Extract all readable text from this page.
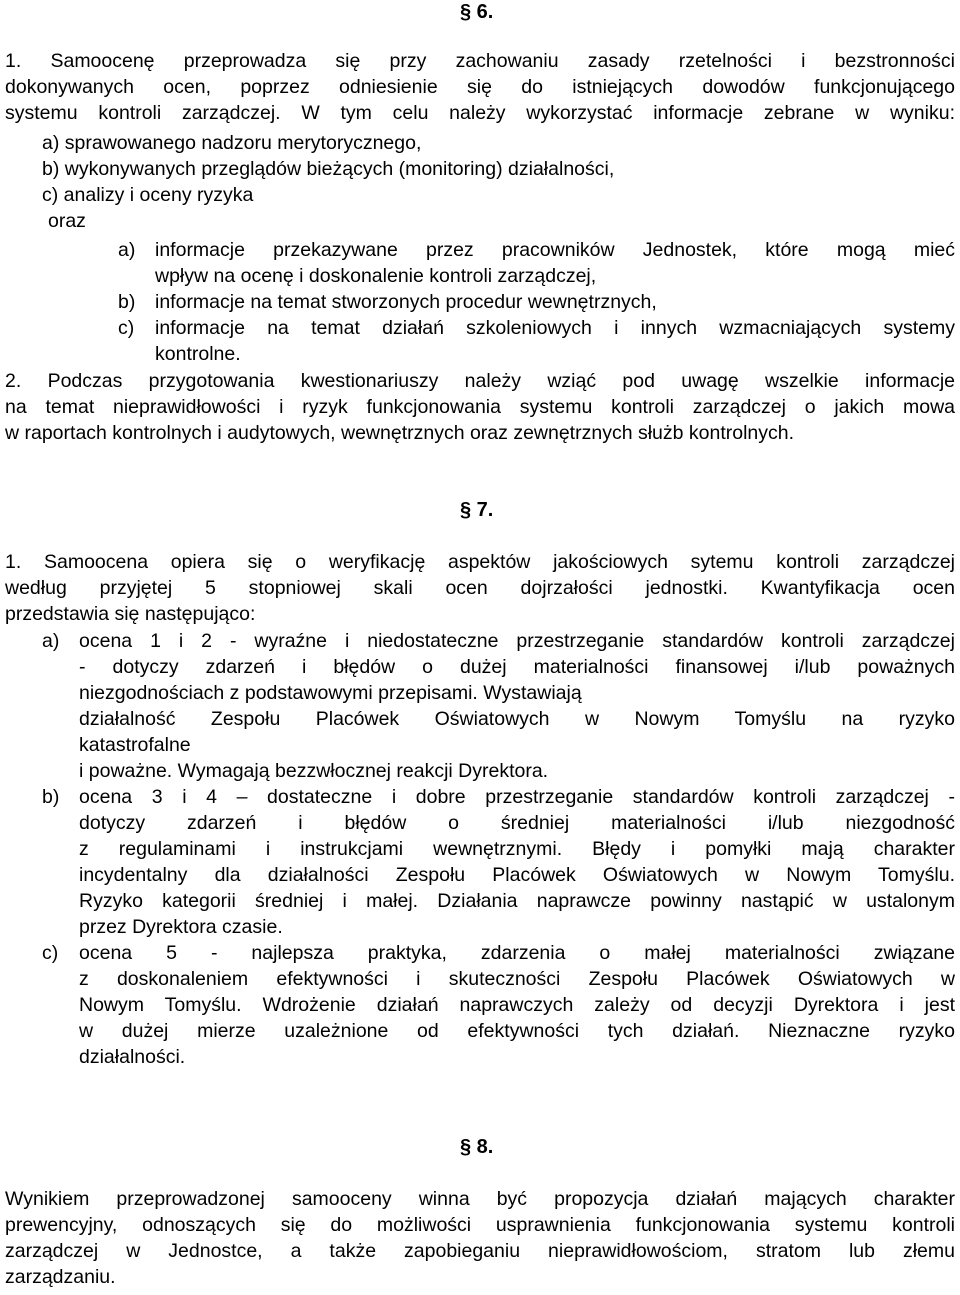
§ 6.
1. Samoocenę przeprowadza się przy zachowaniu zasady rzetelności i bezstronności
dokonywanych ocen, poprzez odniesienie się do istniejących dowodów funkcjonującego
systemu kontroli zarządczej. W tym celu należy wykorzystać informacje zebrane w wyniku:
a) sprawowanego nadzoru merytorycznego,
b) wykonywanych przeglądów bieżących (monitoring) działalności,
c) analizy i oceny ryzyka
oraz
a)	informacje przekazywane przez pracowników Jednostek, które mogą mieć
wpływ na ocenę i doskonalenie kontroli zarządczej,
b)	informacje na temat stworzonych procedur wewnętrznych,
c)	informacje na temat działań szkoleniowych i innych wzmacniających systemy
kontrolne.
2. Podczas przygotowania kwestionariuszy należy wziąć pod uwagę wszelkie informacje
na temat nieprawidłowości i ryzyk funkcjonowania systemu kontroli zarządczej o jakich mowa
w raportach kontrolnych i audytowych, wewnętrznych oraz zewnętrznych służb kontrolnych.
§ 7.
1. Samoocena opiera się o weryfikację aspektów jakościowych sytemu kontroli zarządczej
według przyjętej 5 stopniowej skali ocen dojrzałości jednostki. Kwantyfikacja ocen
przedstawia się następująco:
a)	ocena 1 i 2 - wyraźne i niedostateczne przestrzeganie standardów kontroli zarządczej
- dotyczy zdarzeń i błędów o dużej materialności finansowej i/lub poważnych
niezgodnościach z podstawowymi przepisami. Wystawiają
działalność Zespołu Placówek Oświatowych w Nowym Tomyślu na ryzyko
katastrofalne
i poważne. Wymagają bezzwłocznej reakcji Dyrektora.
b)	ocena 3 i 4 – dostateczne i dobre przestrzeganie standardów kontroli zarządczej -
dotyczy zdarzeń i błędów o średniej materialności i/lub niezgodność
z regulaminami i instrukcjami wewnętrznymi. Błędy i pomyłki mają charakter
incydentalny dla działalności Zespołu Placówek Oświatowych w Nowym Tomyślu.
Ryzyko kategorii średniej i małej. Działania naprawcze powinny nastąpić w ustalonym
przez Dyrektora czasie.
c)	ocena 5 - najlepsza praktyka, zdarzenia o małej materialności związane
z doskonaleniem efektywności i skuteczności Zespołu Placówek Oświatowych w
Nowym Tomyślu. Wdrożenie działań naprawczych zależy od decyzji Dyrektora i jest
w dużej mierze uzależnione od efektywności tych działań. Nieznaczne ryzyko
działalności.
§ 8.
Wynikiem przeprowadzonej samooceny winna być propozycja działań mających charakter
prewencyjny, odnoszących się do możliwości usprawnienia funkcjonowania systemu kontroli
zarządczej w Jednostce, a także zapobieganiu nieprawidłowościom, stratom lub złemu
zarządzaniu.
